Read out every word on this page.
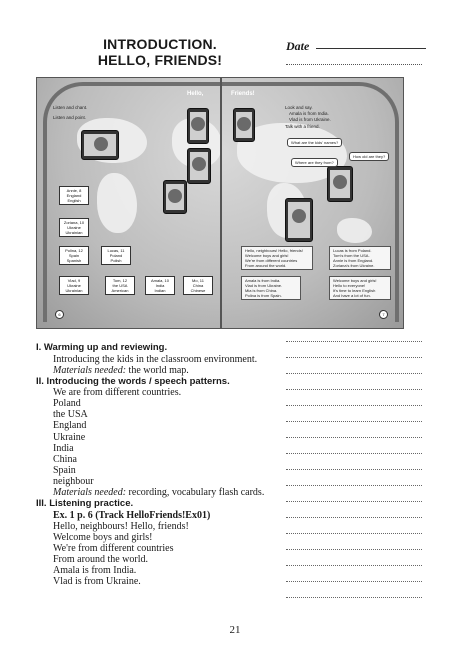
INTRODUCTION.
HELLO, FRIENDS!
Date
Hello,	Friends!
Listen and chant.
Listen and point.
Look and say.
Amala is from India.
Vlad is from Ukraine.
Talk with a friend.
What are the kids' names?
Where are they from?
How old are they?
Annie, 8
England
English
Zoriana, 10
Ukraine
Ukrainian
Polina, 12
Spain
Spanish
Lucas, 11
Poland
Polish
Vlad, 9
Ukraine
Ukrainian
Tom, 12
the USA
American
Amala, 10
India
Indian
Mo, 11
China
Chinese
Hello, neighbours! Hello, friends!
Welcome boys and girls!
We're from different countries
From around the world.
Lucas is from Poland.
Tom's from the USA.
Annie is from England.
Zoriana's from Ukraine.
Amala is from India.
Vlad is from Ukraine.
Mia is from China.
Polina is from Spain.
Welcome boys and girls!
Hello to everyone!
It's time to learn English
And have a lot of fun.
6	7
I. Warming up and reviewing.
Introducing the kids in the classroom environment.
Materials needed: the world map.
II. Introducing the words / speech patterns.
We are from different countries.
Poland
the USA
England
Ukraine
India
China
Spain
neighbour
Materials needed: recording, vocabulary flash cards.
III. Listening practice.
Ex. 1 p. 6 (Track HelloFriends!Ex01)
Hello, neighbours! Hello, friends!
Welcome boys and girls!
We're from different countries
From around the world.
Amala is from India.
Vlad is from Ukraine.
21
